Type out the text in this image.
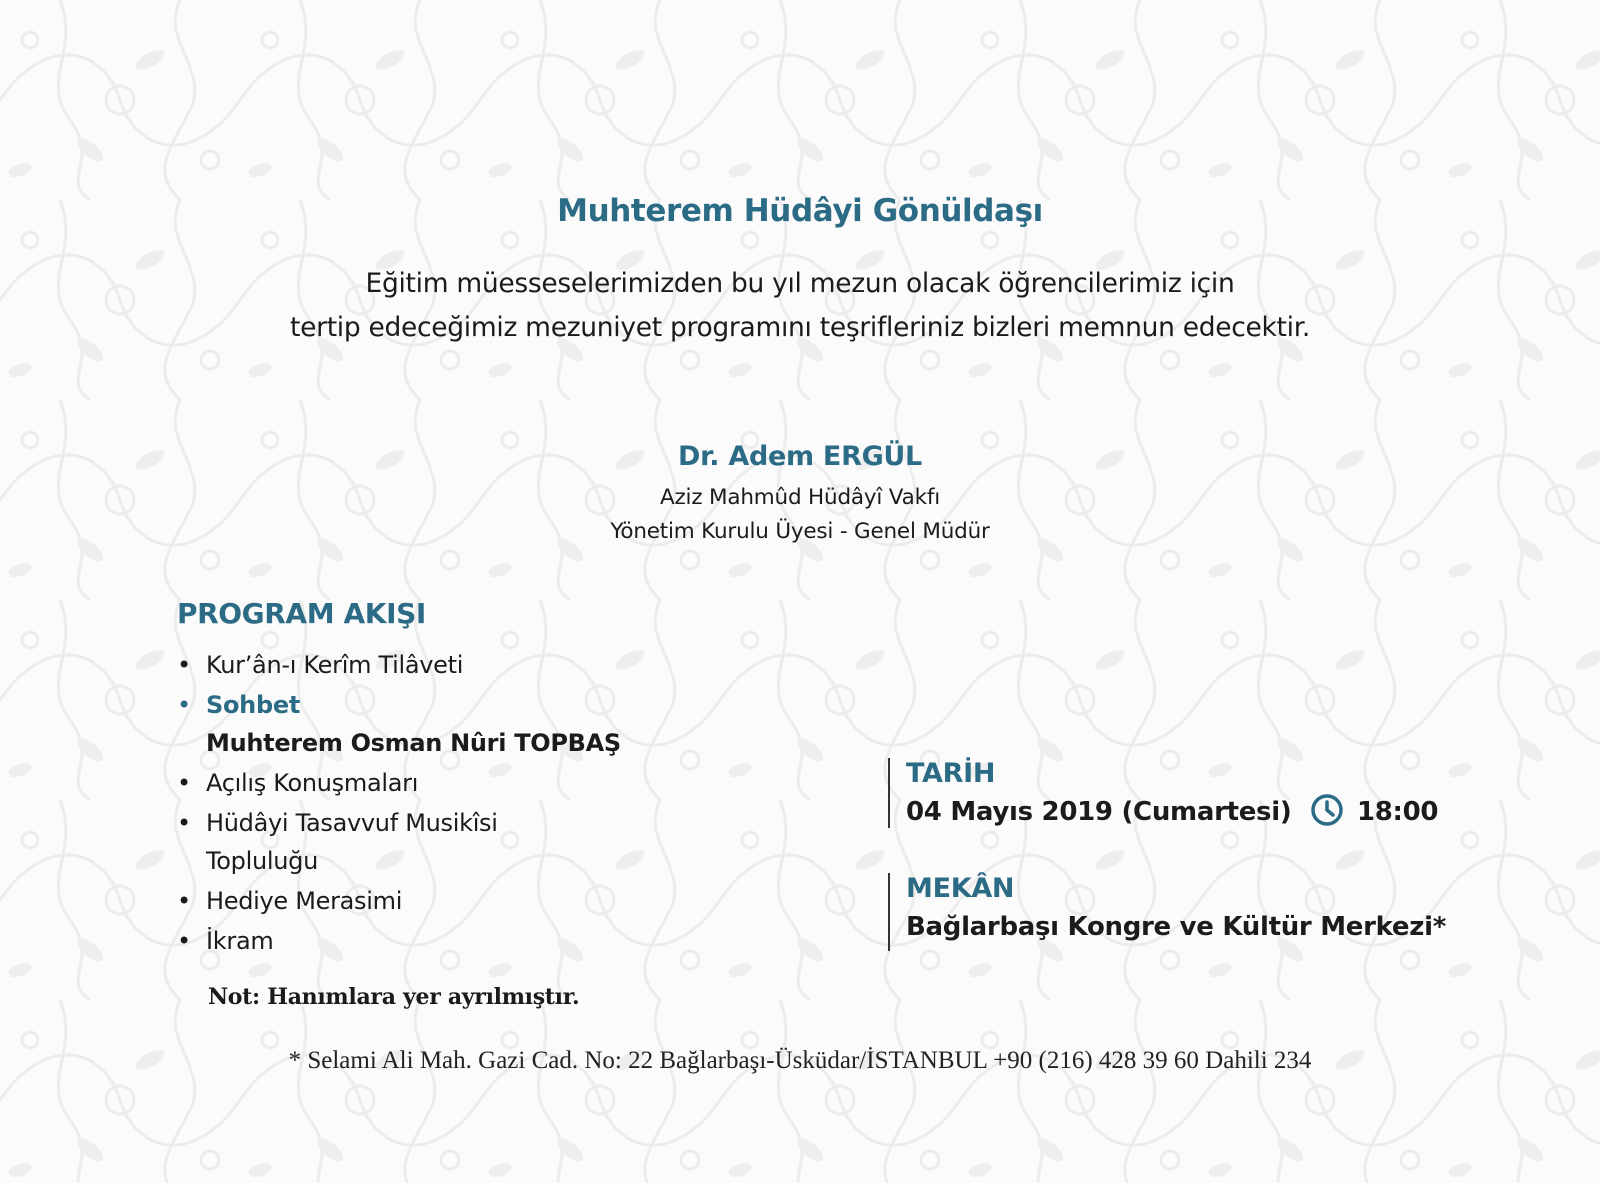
Muhterem Hüdâyi Gönüldaşı
Eğitim müesseselerimizden bu yıl mezun olacak öğrencilerimiz için
tertip edeceğimiz mezuniyet programını teşrifleriniz bizleri memnun edecektir.
Dr. Adem ERGÜL
Aziz Mahmûd Hüdâyî Vakfı
Yönetim Kurulu Üyesi - Genel Müdür
PROGRAM AKIŞI
• Kur’ân-ı Kerîm Tilâveti
• Sohbet
Muhterem Osman Nûri TOPBAŞ
• Açılış Konuşmaları
• Hüdâyi Tasavvuf Musikîsi
Topluluğu
• Hediye Merasimi
• İkram
TARİH
04 Mayıs 2019 (Cumartesi)	18:00
MEKÂN
Bağlarbaşı Kongre ve Kültür Merkezi*
Not: Hanımlara yer ayrılmıştır.
* Selami Ali Mah. Gazi Cad. No: 22 Bağlarbaşı-Üsküdar/İSTANBUL +90 (216) 428 39 60 Dahili 234
